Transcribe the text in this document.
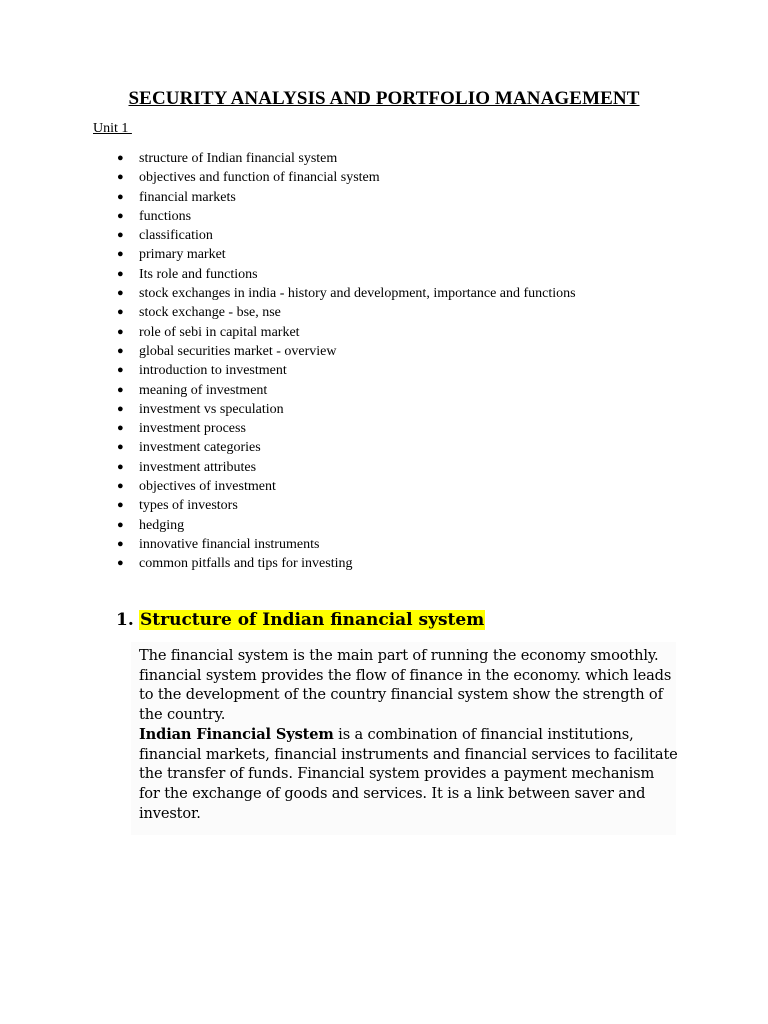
SECURITY ANALYSIS AND PORTFOLIO MANAGEMENT

Unit 1

● structure of Indian financial system
● objectives and function of financial system
● financial markets
● functions
● classification
● primary market
● Its role and functions
● stock exchanges in india - history and development, importance and functions
● stock exchange - bse, nse
● role of sebi in capital market
● global securities market - overview
● introduction to investment
● meaning of investment
● investment vs speculation
● investment process
● investment categories
● investment attributes
● objectives of investment
● types of investors
● hedging
● innovative financial instruments
● common pitfalls and tips for investing
1. Structure of Indian financial system

The financial system is the main part of running the economy smoothly. financial system provides the flow of finance in the economy. which leads to the development of the country financial system show the strength of the country.

Indian Financial System is a combination of financial institutions, financial markets, financial instruments and financial services to facilitate the transfer of funds. Financial system provides a payment mechanism for the exchange of goods and services. It is a link between saver and investor.
